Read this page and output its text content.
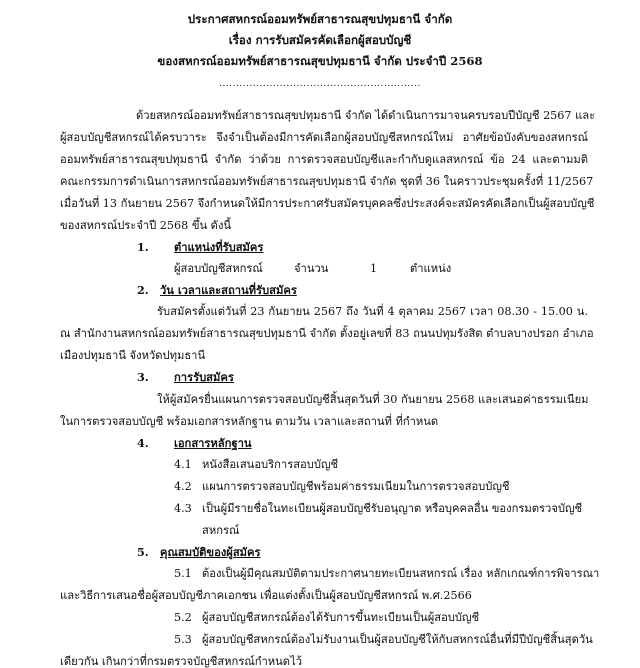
ประกาศสหกรณ์ออมทรัพย์สาธารณสุขปทุมธานี จำกัด
เรื่อง การรับสมัครคัดเลือกผู้สอบบัญชี
ของสหกรณ์ออมทรัพย์สาธารณสุขปทุมธานี จำกัด ประจำปี 2568
............................................................
ด้วยสหกรณ์ออมทรัพย์สาธารณสุขปทุมธานี จำกัด ได้ดำเนินการมาจนครบรอบปีบัญชี 2567 และ
ผู้สอบบัญชีสหกรณ์ได้ครบวาระ จึงจำเป็นต้องมีการคัดเลือกผู้สอบบัญชีสหกรณ์ใหม่ อาศัยข้อบังคับของสหกรณ์
ออมทรัพย์สาธารณสุขปทุมธานี จำกัด ว่าด้วย การตรวจสอบบัญชีและกำกับดูแลสหกรณ์ ข้อ 24 และตามมติ
คณะกรรมการดำเนินการสหกรณ์ออมทรัพย์สาธารณสุขปทุมธานี จำกัด ชุดที่ 36 ในคราวประชุมครั้งที่ 11/2567
เมื่อวันที่ 13 กันยายน 2567 จึงกำหนดให้มีการประกาศรับสมัครบุคคลซึ่งประสงค์จะสมัครคัดเลือกเป็นผู้สอบบัญชี
ของสหกรณ์ประจำปี 2568 ขึ้น ดังนี้
1. ตำแหน่งที่รับสมัคร
ผู้สอบบัญชีสหกรณ์	จำนวน	1	ตำแหน่ง
2. วัน เวลาและสถานที่รับสมัคร
รับสมัครตั้งแต่วันที่ 23 กันยายน 2567 ถึง วันที่ 4 ตุลาคม 2567 เวลา 08.30 - 15.00 น.
ณ สำนักงานสหกรณ์ออมทรัพย์สาธารณสุขปทุมธานี จำกัด ตั้งอยู่เลขที่ 83 ถนนปทุมรังสิต ตำบลบางปรอก อำเภอ
เมืองปทุมธานี จังหวัดปทุมธานี
3. การรับสมัคร
ให้ผู้สมัครยื่นแผนการตรวจสอบบัญชีสิ้นสุดวันที่ 30 กันยายน 2568 และเสนอค่าธรรมเนียม
ในการตรวจสอบบัญชี พร้อมเอกสารหลักฐาน ตามวัน เวลาและสถานที่ ที่กำหนด
4. เอกสารหลักฐาน
4.1 หนังสือเสนอบริการสอบบัญชี
4.2 แผนการตรวจสอบบัญชีพร้อมค่าธรรมเนียมในการตรวจสอบบัญชี
4.3 เป็นผู้มีรายชื่อในทะเบียนผู้สอบบัญชีรับอนุญาต หรือบุคคลอื่น ของกรมตรวจบัญชี
สหกรณ์
5. คุณสมบัติของผู้สมัคร
5.1 ต้องเป็นผู้มีคุณสมบัติตามประกาศนายทะเบียนสหกรณ์ เรื่อง หลักเกณฑ์การพิจารณา
และวิธีการเสนอชื่อผู้สอบบัญชีภาคเอกชน เพื่อแต่งตั้งเป็นผู้สอบบัญชีสหกรณ์ พ.ศ.2566
5.2 ผู้สอบบัญชีสหกรณ์ต้องได้รับการขึ้นทะเบียนเป็นผู้สอบบัญชี
5.3 ผู้สอบบัญชีสหกรณ์ต้องไม่รับงานเป็นผู้สอบบัญชีให้กับสหกรณ์อื่นที่มีปีบัญชีสิ้นสุดวัน
เดียวกัน เกินกว่าที่กรมตรวจบัญชีสหกรณ์กำหนดไว้
